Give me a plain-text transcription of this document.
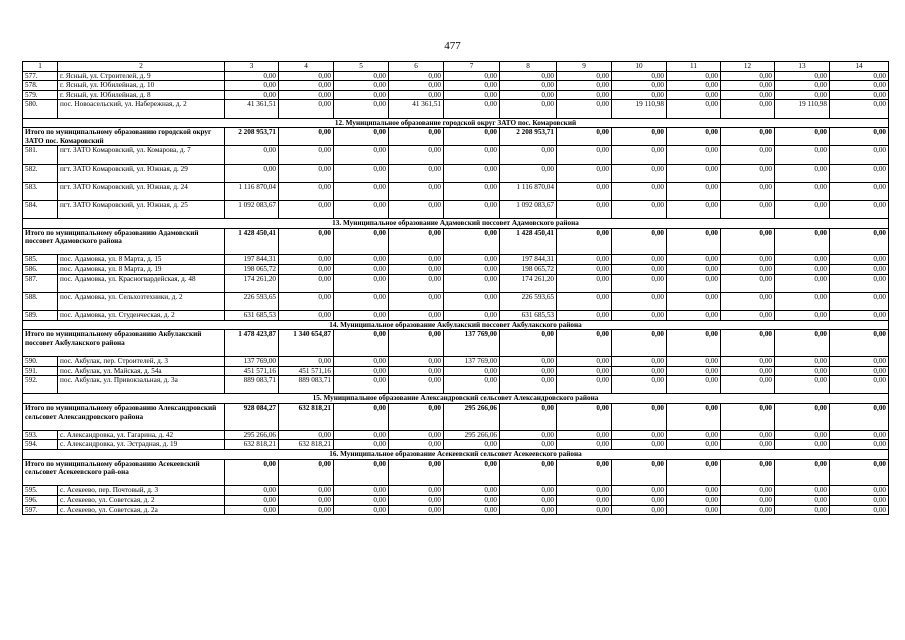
477
1	2	3	4	5	6	7	8	9	10	11	12	13	14
577.	г. Ясный, ул. Строителей, д. 9	0,00	0,00	0,00	0,00	0,00	0,00	0,00	0,00	0,00	0,00	0,00	0,00
578.	г. Ясный, ул. Юбилейная, д. 10	0,00	0,00	0,00	0,00	0,00	0,00	0,00	0,00	0,00	0,00	0,00	0,00
579.	г. Ясный, ул. Юбилейная, д. 8	0,00	0,00	0,00	0,00	0,00	0,00	0,00	0,00	0,00	0,00	0,00	0,00
580.	пос. Новоасельский, ул. Набережная, д. 2	41 361,51	0,00	0,00	41 361,51	0,00	0,00	0,00	19 110,98	0,00	0,00	19 110,98	0,00
12. Муниципальное образование городской округ ЗАТО пос. Комаровский													
Итого по муниципальному образованию городской округ ЗАТО пос. Комаровский		2 208 953,71	0,00	0,00	0,00	0,00	2 208 953,71	0,00	0,00	0,00	0,00	0,00	0,00
581.	пгт. ЗАТО Комаровский, ул. Комарова, д. 7	0,00	0,00	0,00	0,00	0,00	0,00	0,00	0,00	0,00	0,00	0,00	0,00
582.	пгт. ЗАТО Комаровский, ул. Южная, д. 29	0,00	0,00	0,00	0,00	0,00	0,00	0,00	0,00	0,00	0,00	0,00	0,00
583.	пгт. ЗАТО Комаровский, ул. Южная, д. 24	1 116 870,04	0,00	0,00	0,00	0,00	1 116 870,04	0,00	0,00	0,00	0,00	0,00	0,00
584.	пгт. ЗАТО Комаровский, ул. Южная, д. 25	1 092 083,67	0,00	0,00	0,00	0,00	1 092 083,67	0,00	0,00	0,00	0,00	0,00	0,00
13. Муниципальное образование Адамовский поссовет Адамовского района													
Итого по муниципальному образованию Адамовский поссовет Адамовского района		1 428 450,41	0,00	0,00	0,00	0,00	1 428 450,41	0,00	0,00	0,00	0,00	0,00	0,00
585.	пос. Адамовка, ул. 8 Марта, д. 15	197 844,31	0,00	0,00	0,00	0,00	197 844,31	0,00	0,00	0,00	0,00	0,00	0,00
586.	пос. Адамовка, ул. 8 Марта, д. 19	198 065,72	0,00	0,00	0,00	0,00	198 065,72	0,00	0,00	0,00	0,00	0,00	0,00
587.	пос. Адамовка, ул. Красногвардейская, д. 48	174 261,20	0,00	0,00	0,00	0,00	174 261,20	0,00	0,00	0,00	0,00	0,00	0,00
588.	пос. Адамовка, ул. Сельхозтехники, д. 2	226 593,65	0,00	0,00	0,00	0,00	226 593,65	0,00	0,00	0,00	0,00	0,00	0,00
589.	пос. Адамовка, ул. Студенческая, д. 2	631 685,53	0,00	0,00	0,00	0,00	631 685,53	0,00	0,00	0,00	0,00	0,00	0,00
14. Муниципальное образование Акбулакский поссовет Акбулакского района													
Итого по муниципальному образованию Акбулакский поссовет Акбулакского района		1 478 423,87	1 340 654,87	0,00	0,00	137 769,00	0,00	0,00	0,00	0,00	0,00	0,00	0,00
590.	пос. Акбулак, пер. Строителей, д. 3	137 769,00	0,00	0,00	0,00	137 769,00	0,00	0,00	0,00	0,00	0,00	0,00	0,00
591.	пос. Акбулак, ул. Майская, д. 54а	451 571,16	451 571,16	0,00	0,00	0,00	0,00	0,00	0,00	0,00	0,00	0,00	0,00
592.	пос. Акбулак, ул. Привокзальная, д. 3а	889 083,71	889 083,71	0,00	0,00	0,00	0,00	0,00	0,00	0,00	0,00	0,00	0,00
15. Муниципальное образование Александровский сельсовет Александровского района													
Итого по муниципальному образованию Александровский сельсовет Александровского района		928 084,27	632 818,21	0,00	0,00	295 266,06	0,00	0,00	0,00	0,00	0,00	0,00	0,00
593.	с. Александровка, ул. Гагарина, д. 42	295 266,06	0,00	0,00	0,00	295 266,06	0,00	0,00	0,00	0,00	0,00	0,00	0,00
594.	с. Александровка, ул. Эстрадная, д. 19	632 818,21	632 818,21	0,00	0,00	0,00	0,00	0,00	0,00	0,00	0,00	0,00	0,00
16. Муниципальное образование Асекеевский сельсовет Асекеевского района													
Итого по муниципальному образованию Асекеевский сельсовет Асекеевского рай-она		0,00	0,00	0,00	0,00	0,00	0,00	0,00	0,00	0,00	0,00	0,00	0,00
595.	с. Асекеево, пер. Почтовый, д. 3	0,00	0,00	0,00	0,00	0,00	0,00	0,00	0,00	0,00	0,00	0,00	0,00
596.	с. Асекеево, ул. Советская, д. 2	0,00	0,00	0,00	0,00	0,00	0,00	0,00	0,00	0,00	0,00	0,00	0,00
597.	с. Асекеево, ул. Советская, д. 2а	0,00	0,00	0,00	0,00	0,00	0,00	0,00	0,00	0,00	0,00	0,00	0,00
